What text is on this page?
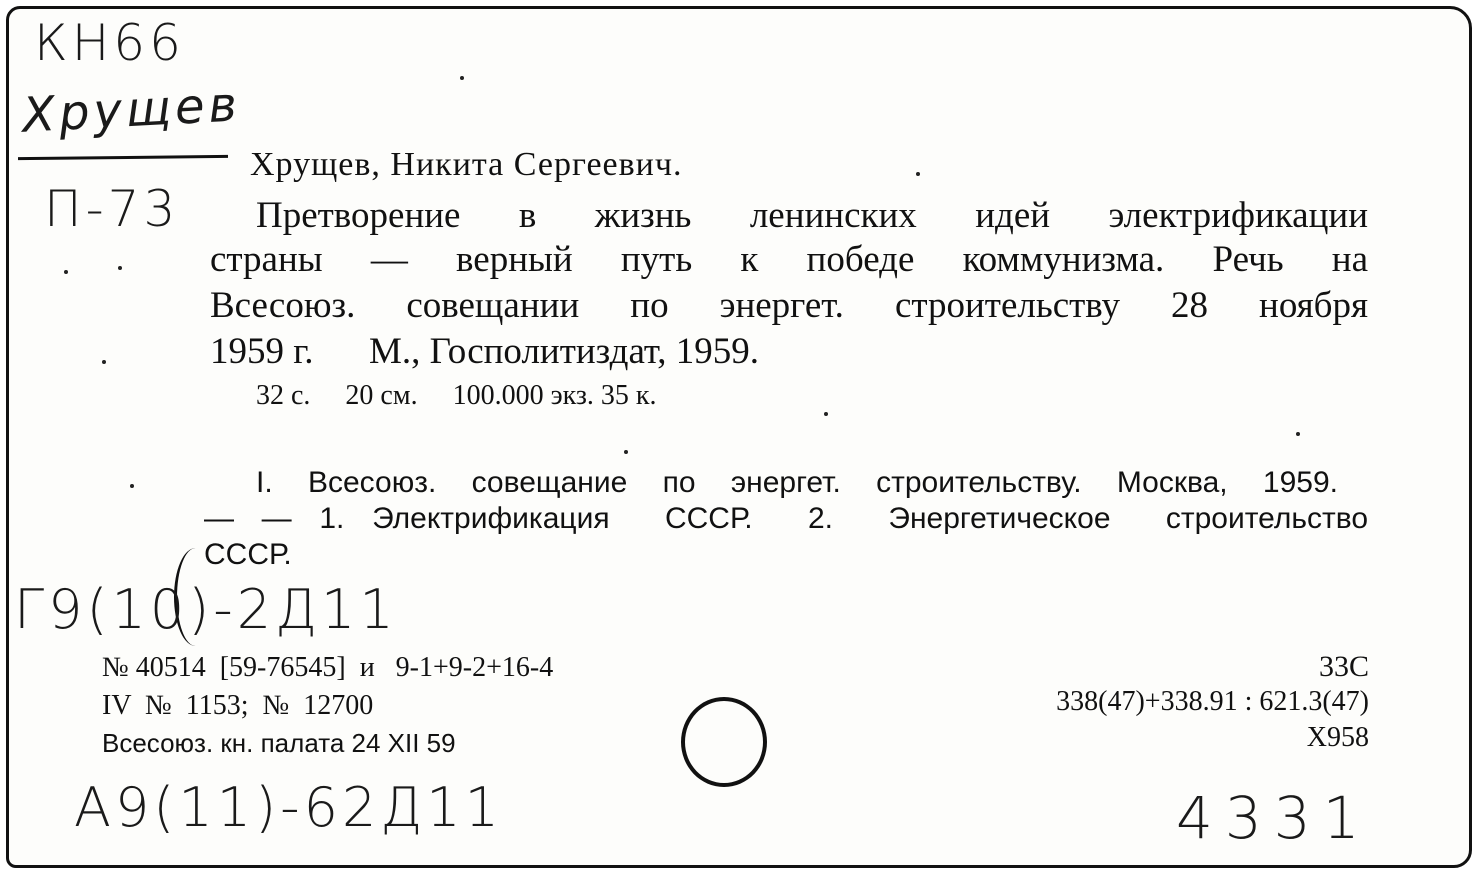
КН66
Хрущев
П-73
Хрущев, Никита Сергеевич.
Претворение в жизнь ленинских идей электрификации
страны — верный путь к победе коммунизма. Речь на
Всесоюз. совещании по энергет. строительству 28 ноября
1959 г.      М., Госполитиздат, 1959.
32 с.     20 см.     100.000 экз. 35 к.
I. Всесоюз. совещание по энергет. строительству. Москва, 1959.
— — 1. Электрификация  СССР.  2.  Энергетическое  строительство
СССР.
Г9(10)-2Д11
№ 40514  [59-76545]  и   9-1+9-2+16-4
IV  №  1153;  №  12700
Всесоюз. кн. палата 24 XII 59
33С
338(47)+338.91 : 621.3(47)
Х958
А9(11)-62Д11	4331
